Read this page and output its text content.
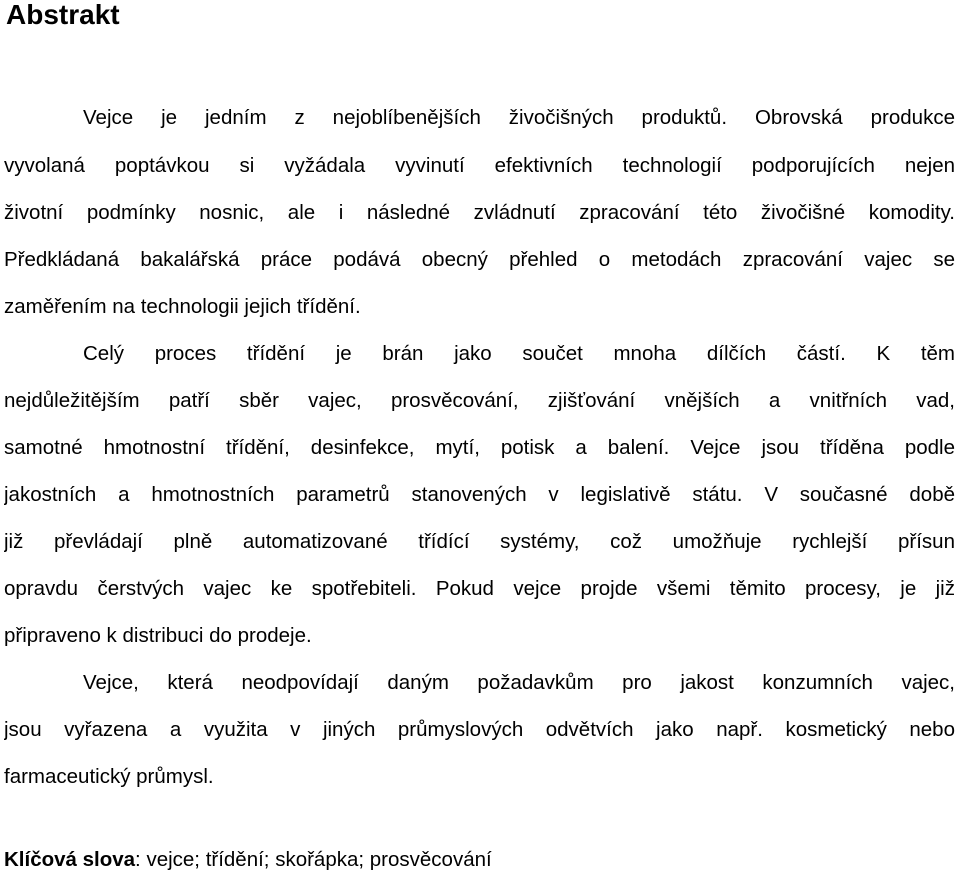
Abstrakt
Vejce je jedním z nejoblíbenějších živočišných produktů. Obrovská produkce
vyvolaná poptávkou si vyžádala vyvinutí efektivních technologií podporujících nejen
životní podmínky nosnic, ale i následné zvládnutí zpracování této živočišné komodity.
Předkládaná bakalářská práce podává obecný přehled o metodách zpracování vajec se
zaměřením na technologii jejich třídění.
Celý proces třídění je brán jako součet mnoha dílčích částí. K těm
nejdůležitějším patří sběr vajec, prosvěcování, zjišťování vnějších a vnitřních vad,
samotné hmotnostní třídění, desinfekce, mytí, potisk a balení. Vejce jsou tříděna podle
jakostních a hmotnostních parametrů stanovených v legislativě státu. V současné době
již převládají plně automatizované třídící systémy, což umožňuje rychlejší přísun
opravdu čerstvých vajec ke spotřebiteli. Pokud vejce projde všemi těmito procesy, je již
připraveno k distribuci do prodeje.
Vejce, která neodpovídají daným požadavkům pro jakost konzumních vajec,
jsou vyřazena a využita v jiných průmyslových odvětvích jako např. kosmetický nebo
farmaceutický průmysl.
Klíčová slova: vejce; třídění; skořápka; prosvěcování
